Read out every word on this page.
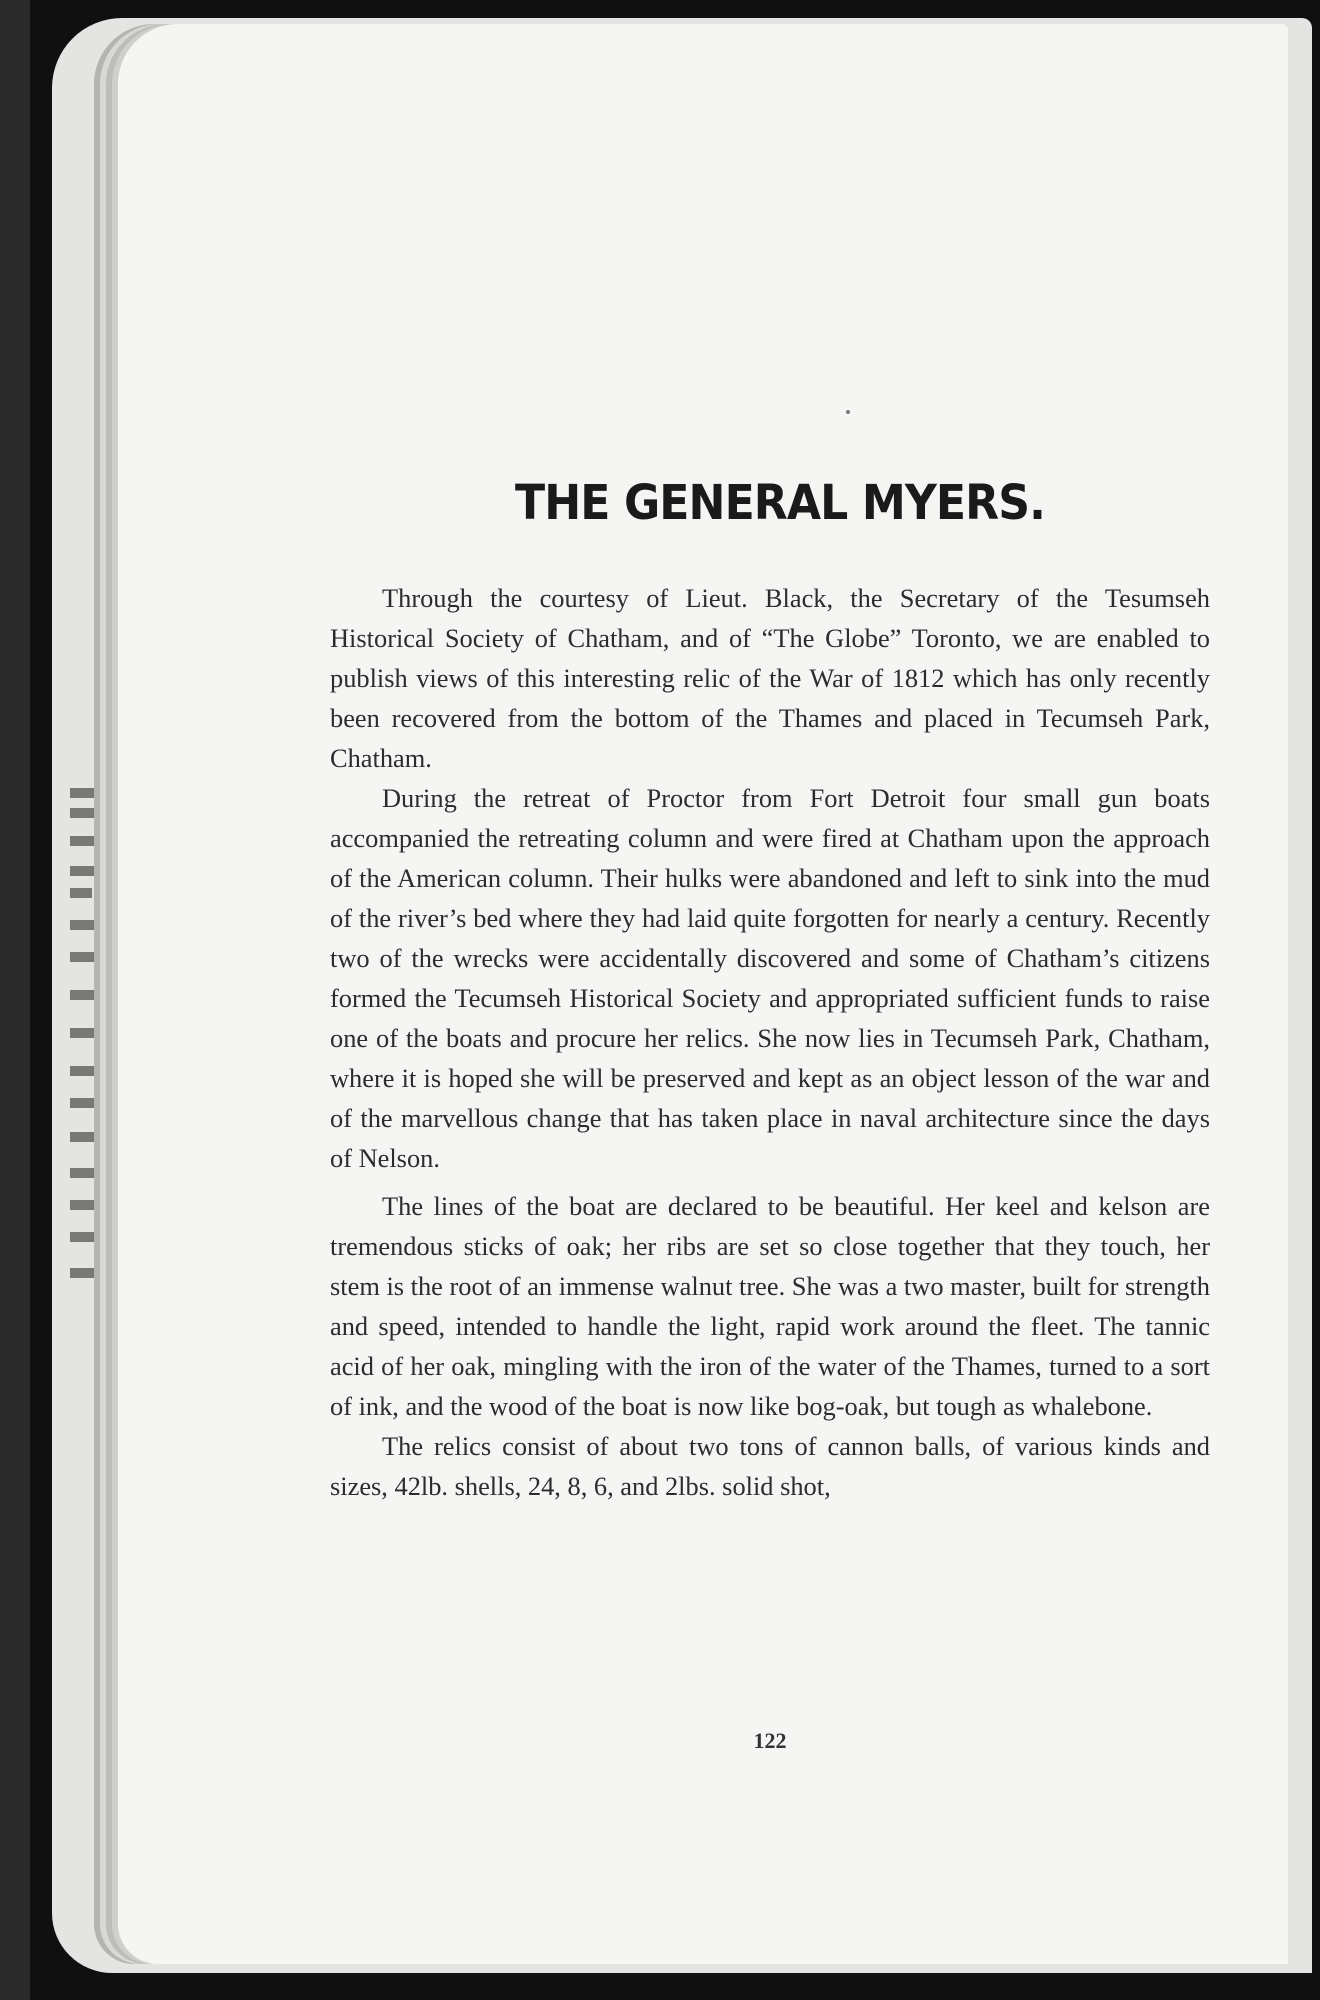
THE GENERAL MYERS.

Through the courtesy of Lieut. Black, the Secretary of the Tesumseh Historical Society of Chatham, and of “The Globe” Toronto, we are enabled to publish views of this interesting relic of the War of 1812 which has only recently been recovered from the bottom of the Thames and placed in Tecumseh Park, Chatham.

During the retreat of Proctor from Fort Detroit four small gun boats accompanied the retreating column and were fired at Chatham upon the approach of the American column. Their hulks were abandoned and left to sink into the mud of the river’s bed where they had laid quite forgotten for nearly a century. Recently two of the wrecks were accidentally discovered and some of Chatham’s citizens formed the Tecumseh Historical Society and appropriated sufficient funds to raise one of the boats and procure her relics. She now lies in Tecumseh Park, Chatham, where it is hoped she will be preserved and kept as an object lesson of the war and of the marvellous change that has taken place in naval architecture since the days of Nelson.

The lines of the boat are declared to be beautiful. Her keel and kelson are tremendous sticks of oak; her ribs are set so close together that they touch, her stem is the root of an immense walnut tree. She was a two master, built for strength and speed, intended to handle the light, rapid work around the fleet. The tannic acid of her oak, mingling with the iron of the water of the Thames, turned to a sort of ink, and the wood of the boat is now like bog-oak, but tough as whalebone.

The relics consist of about two tons of cannon balls, of various kinds and sizes, 42lb. shells, 24, 8, 6, and 2lbs. solid shot,

122
